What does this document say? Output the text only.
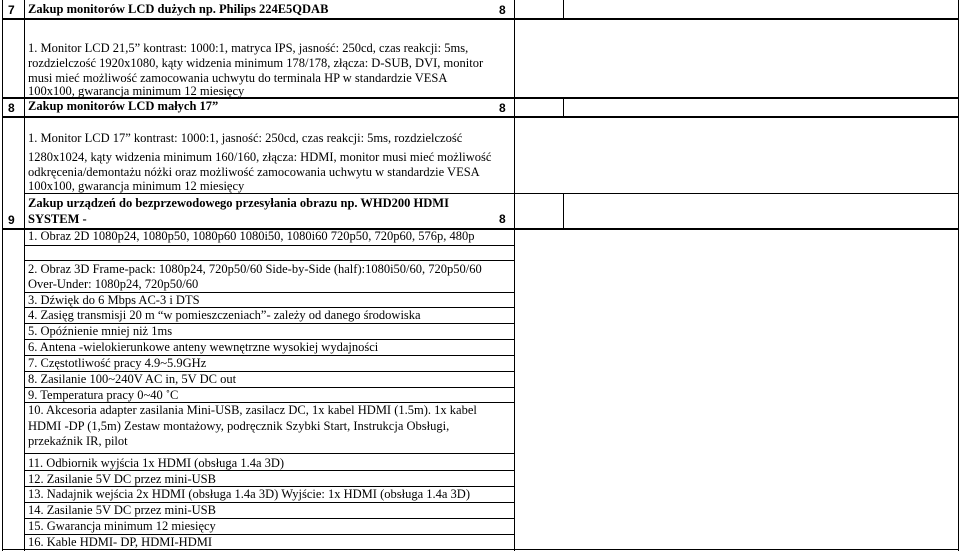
7 Zakup monitorów LCD dużych np. Philips 224E5QDAB	8
1. Monitor LCD 21,5” kontrast: 1000:1, matryca IPS, jasność: 250cd, czas reakcji: 5ms,
rozdzielczość 1920x1080, kąty widzenia minimum 178/178, złącza: D-SUB, DVI, monitor
musi mieć możliwość zamocowania uchwytu do terminala HP w standardzie VESA
100x100, gwarancja minimum 12 miesięcy
8 Zakup monitorów LCD małych 17”	8
1. Monitor LCD 17” kontrast: 1000:1, jasność: 250cd, czas reakcji: 5ms, rozdzielczość
1280x1024, kąty widzenia minimum 160/160, złącza: HDMI, monitor musi mieć możliwość
odkręcenia/demontażu nóżki oraz możliwość zamocowania uchwytu w standardzie VESA
100x100, gwarancja minimum 12 miesięcy
9
Zakup urządzeń do bezprzewodowego przesyłania obrazu np. WHD200 HDMI
SYSTEM -	8
1. Obraz 2D 1080p24, 1080p50, 1080p60 1080i50, 1080i60 720p50, 720p60, 576p, 480p
2. Obraz 3D Frame-pack: 1080p24, 720p50/60 Side-by-Side (half):1080i50/60, 720p50/60
Over-Under: 1080p24, 720p50/60
3. Dźwięk do 6 Mbps AC-3 i DTS
4. Zasięg transmisji 20 m “w pomieszczeniach”- zależy od danego środowiska
5. Opóźnienie mniej niż 1ms
6. Antena -wielokierunkowe anteny wewnętrzne wysokiej wydajności
7. Częstotliwość pracy 4.9~5.9GHz
8. Zasilanie 100~240V AC in, 5V DC out
9. Temperatura pracy 0~40 ˚C
10. Akcesoria adapter zasilania Mini-USB, zasilacz DC, 1x kabel HDMI (1.5m). 1x kabel
HDMI -DP (1,5m) Zestaw montażowy, podręcznik Szybki Start, Instrukcja Obsługi,
przekaźnik IR, pilot
11. Odbiornik wyjścia 1x HDMI (obsługa 1.4a 3D)
12. Zasilanie 5V DC przez mini-USB
13. Nadajnik wejścia 2x HDMI (obsługa 1.4a 3D) Wyjście: 1x HDMI (obsługa 1.4a 3D)
14. Zasilanie 5V DC przez mini-USB
15. Gwarancja minimum 12 miesięcy
16. Kable HDMI- DP, HDMI-HDMI
